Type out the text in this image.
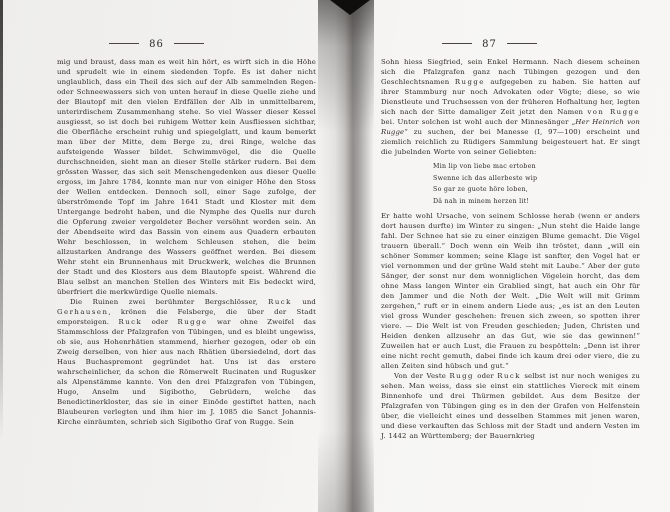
86

mig und braust, dass man es weit hin hört, es wirft sich in die Höhe und sprudelt wie in einem siedenden Topfe. Es ist daher nicht unglaublich, dass ein Theil des sich auf der Alb sammelnden Regen- oder Schneewassers sich von unten herauf in diese Quelle ziehe und der Blautopf mit den vielen Erdfällen der Alb in unmittelbarem, unterirdischem Zusammenhang stehe. So viel Wasser dieser Kessel ausgiesst, so ist doch bei ruhigem Wetter kein Ausfliessen sichtbar, die Oberfläche erscheint ruhig und spiegelglatt, und kaum bemerkt man über der Mitte, dem Berge zu, drei Ringe, welche das aufsteigende Wasser bildet. Schwimmvögel, die die Quelle durchschneiden, sieht man an dieser Stelle stärker rudern. Bei dem grössten Wasser, das sich seit Menschengedenken aus dieser Quelle ergoss, im Jahre 1784, konnte man nur von einiger Höhe den Stoss der Wellen entdecken. Dennoch soll, einer Sage zufolge, der überströmende Topf im Jahre 1641 Stadt und Kloster mit dem Untergange bedroht haben, und die Nymphe des Quells nur durch die Opferung zweier vergoldeter Becher versöhnt worden sein. An der Abendseite wird das Bassin von einem aus Quadern erbauten Wehr beschlossen, in welchem Schleusen stehen, die beim allzustarken Andrange des Wassers geöffnet werden. Bei diesem Wehr steht ein Brunnenhaus mit Druckwerk, welches die Brunnen der Stadt und des Klosters aus dem Blautopfe speist. Während die Blau selbst an manchen Stellen des Winters mit Eis bedeckt wird, überfriert die merkwürdige Quelle niemals.

Die Ruinen zwei berühmter Bergschlösser, Ruck und Gerhausen, krönen die Felsberge, die über der Stadt emporsteigen. Ruck oder Rugge war ohne Zweifel das Stammschloss der Pfalzgrafen von Tübingen, und es bleibt ungewiss, ob sie, aus Hohenrhätien stammend, hierher gezogen, oder ob ein Zweig derselben, von hier aus nach Rhätien übersiedelnd, dort das Haus Buchaspremont gegründet hat. Uns ist das erstere wahrscheinlicher, da schon die Römerwelt Rucinaten und Rugusker als Alpenstämme kannte. Von den drei Pfalzgrafen von Tübingen, Hugo, Anselm und Sigibotho, Gebrüdern, welche das Benedictinerkloster, das sie in einer Einöde gestiftet hatten, nach Blaubeuren verlegten und ihm hier im J. 1085 die Sanct Johannis-Kirche einräumten, schrieb sich Sigibotho Graf von Rugge. Sein

87

Sohn hiess Siegfried, sein Enkel Hermann. Nach diesem scheinen sich die Pfalzgrafen ganz nach Tübingen gezogen und den Geschlechtsnamen Rugge aufgegeben zu haben. Sie hatten auf ihrer Stammburg nur noch Advokaten oder Vögte; diese, so wie Dienstleute und Truchsessen von der früheren Hofhaltung her, legten sich nach der Sitte damaliger Zeit jetzt den Namen von Rugge bei. Unter solchen ist wohl auch der Minnesänger „Her Heinrich von Rugge“ zu suchen, der bei Manesse (I, 97—100) erscheint und ziemlich reichlich zu Rüdigers Sammlung beigesteuert hat. Er singt die jubelnden Worte von seiner Geliebten:

Min lip von liebe mac ertoben
Swenne ich das allerbeste wip
So gar ze guote höre loben,
Dâ nah in minem herzen lit!

Er hatte wohl Ursache, von seinem Schlosse herab (wenn er anders dort hausen durfte) im Winter zu singen: „Nun steht die Haide lange fahl. Der Schnee hat sie zu einer einzigen Blume gemacht. Die Vögel trauern überall.“ Doch wenn ein Weib ihn tröstet, dann „will ein schöner Sommer kommen; seine Klage ist sanfter, den Vogel hat er viel vernommen und der grüne Wald steht mit Laube.“ Aber der gute Sänger, der sonst nur dem wonniglichen Vögelein horcht, das dem ohne Mass langen Winter ein Grablied singt, hat auch ein Ohr für den Jammer und die Noth der Welt. „Die Welt will mit Grimm zergehen,“ ruft er in einem andern Liede aus; „es ist an den Leuten viel gross Wunder geschehen: freuen sich zween, so spotten ihrer viere. — Die Welt ist von Freuden geschieden; Juden, Christen und Heiden denken allzusehr an das Gut, wie sie das gewinnen!“ Zuweilen hat er auch Lust, die Frauen zu bespötteln: „Denn ist ihrer eine nicht recht gemuth, dabei finde ich kaum drei oder viere, die zu allen Zeiten sind hübsch und gut.“

Von der Veste Rugg oder Ruck selbst ist nur noch weniges zu sehen. Man weiss, dass sie einst ein stattliches Viereck mit einem Binnenhofe und drei Thürmen gebildet. Aus dem Besitze der Pfalzgrafen von Tübingen ging es in den der Grafen von Helfenstein über, die vielleicht eines und desselben Stammes mit jenen waren, und diese verkauften das Schloss mit der Stadt und andern Vesten im J. 1442 an Württemberg; der Bauernkrieg
